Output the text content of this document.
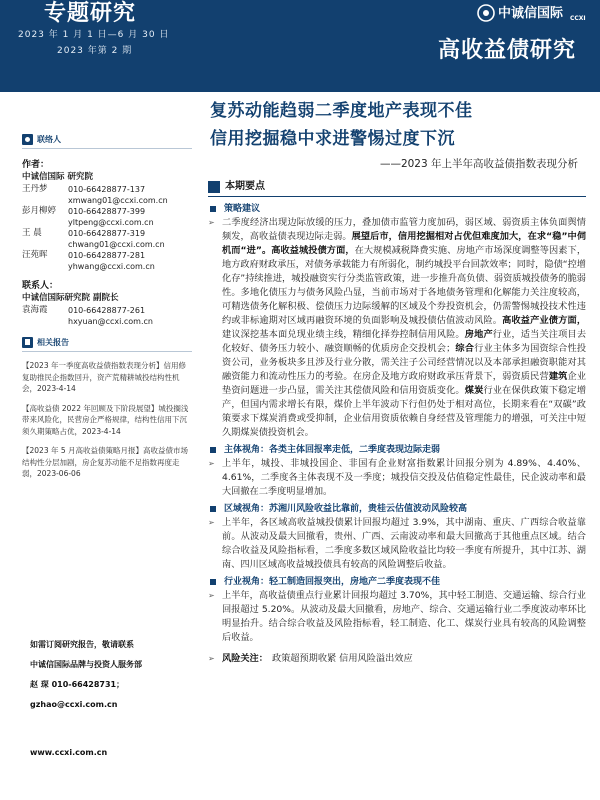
专题研究
2023 年 1 月 1 日—6 月 30 日
2023 年第 2 期
中诚信国际 CCXI
高收益债研究
复苏动能趋弱二季度地产表现不佳
信用挖掘稳中求进警惕过度下沉
——2023 年上半年高收益债指数表现分析
联络人
作者：
中诚信国际 研究院
王丹梦	010-66428877-137
xmwang01@ccxi.com.cn
彭月柳婷	010-66428877-399
yltpeng@ccxi.com.cn
王 晨	010-66428877-319
chwang01@ccxi.com.cn
汪苑晖	010-66428877-281
yhwang@ccxi.com.cn
联系人：
中诚信国际研究院 副院长
袁海霞	010-66428877-261
hxyuan@ccxi.com.cn
相关报告
【2023 年一季度高收益债指数表现分析】信用修复助推民企指数回升，资产荒精耕城投结构性机会，2023-4-14
【高收益债 2022 年回顾及下阶段展望】城投搁浅带来风险化，民营房企严格规律，结构性信用下沉须久期策略占优，2023-4-14
【2023 年 5 月高收益债策略月报】高收益债市场结构性分层加剧，房企复苏动能不足指数再度走弱，2023-06-06
如需订阅研究报告，敬请联系
中诚信国际品牌与投资人服务部
赵 琛 010-66428731；
gzhao@ccxi.com.cn
www.ccxi.com.cn
本期要点
策略建议
➢ 二季度经济出现边际放缓的压力，叠加债市监管力度加码，弱区域、弱资质主体负面舆情频发，高收益债表现边际走弱。展望后市，信用挖掘相对占优但难度加大，在求“稳”中伺机而“进”。高收益城投债方面，在大规模减税降费实施、房地产市场深度调整等因素下，地方政府财政承压，对债务承载能力有所弱化，制约城投平台回款效率；同时，隐债“控增化存”持续推进，城投融资实行分类监管政策，进一步推升高负债、弱资质城投债务的脆弱性。多地化债压力与债务风险凸显，当前市场对于各地债务管理和化解能力关注度较高，可精选债务化解积极、偿债压力边际缓解的区域及个券投资机会，仍需警惕城投技术性违约或非标逾期对区域再融资环境的负面影响及城投债估值波动风险。高收益产业债方面，建议深挖基本面兑现业绩主线，精细化择券控制信用风险。房地产行业，适当关注项目去化较好、债务压力较小、融资顺畅的优质房企交投机会；综合行业主体多为国资综合性投资公司，业务板块多且涉及行业分散，需关注子公司经营情况以及本部承担融资职能对其融资能力和流动性压力的考验。在房企及地方政府财政承压背景下，弱资质民营建筑企业垫资问题进一步凸显，需关注其偿债风险和信用资质变化。煤炭行业在保供政策下稳定增产，但国内需求增长有限，煤价上半年波动下行但仍处于相对高位，长期来看在“双碳”政策要求下煤炭消费或受抑制，企业信用资质依赖自身经营及管理能力的增强，可关注中短久期煤炭债投资机会。
主体视角：各类主体回报率走低，二季度表现边际走弱
➢ 上半年，城投、非城投国企、非国有企业财富指数累计回报分别为 4.89%、4.40%、4.61%，二季度各主体表现不及一季度；城投信交投及估值稳定性最佳，民企波动率和最大回撤在二季度明显增加。
区域视角：苏湘川风险收益比靠前，贵桂云估值波动风险较高
➢ 上半年，各区域高收益城投债累计回报均超过 3.9%，其中湖南、重庆、广西综合收益靠前。从波动及最大回撤看，贵州、广西、云南波动率和最大回撤高于其他重点区域。结合综合收益及风险指标看，二季度多数区域风险收益比均较一季度有所提升，其中江苏、湖南、四川区域高收益城投债具有较高的风险调整后收益。
行业视角：轻工制造回报突出，房地产二季度表现不佳
➢ 上半年，高收益债重点行业累计回报均超过 3.70%，其中轻工制造、交通运输、综合行业回报超过 5.20%。从波动及最大回撤看，房地产、综合、交通运输行业二季度波动率环比明显抬升。结合综合收益及风险指标看，轻工制造、化工、煤炭行业具有较高的风险调整后收益。
➢ 风险关注： 政策超预期收紧 信用风险溢出效应
